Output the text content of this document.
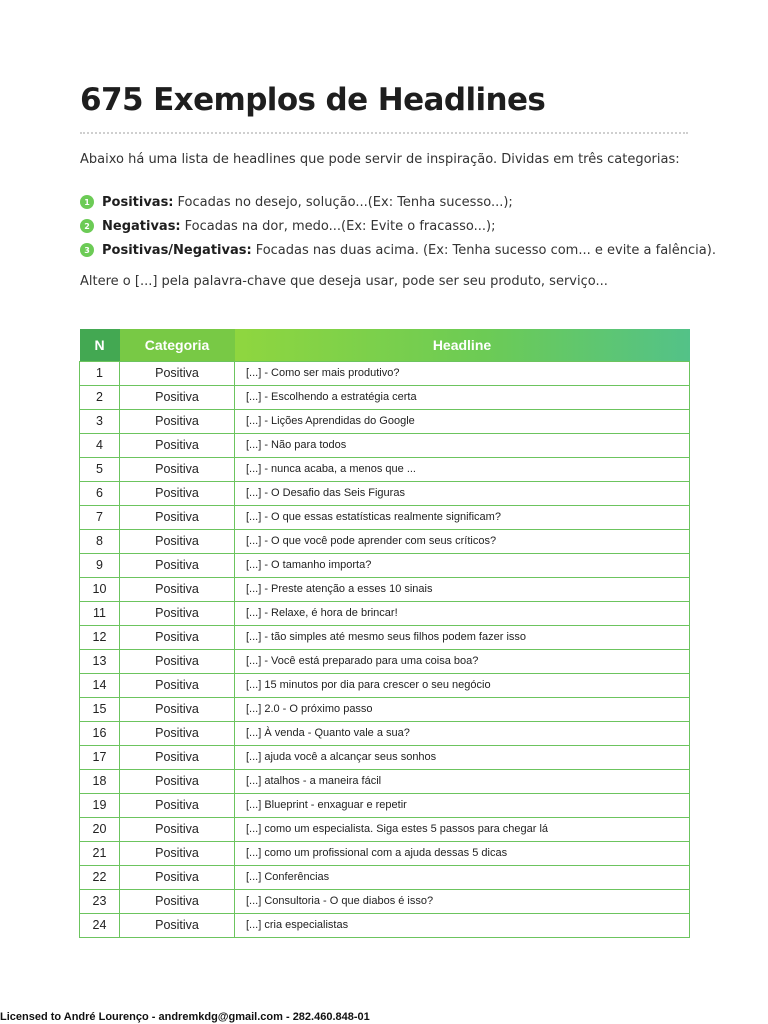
675 Exemplos de Headlines

Abaixo há uma lista de headlines que pode servir de inspiração. Dividas em três categorias:

1 Positivas: Focadas no desejo, solução...(Ex: Tenha sucesso...);
2 Negativas: Focadas na dor, medo...(Ex: Evite o fracasso...);
3 Positivas/Negativas: Focadas nas duas acima. (Ex: Tenha sucesso com... e evite a falência).

Altere o [...] pela palavra-chave que deseja usar, pode ser seu produto, serviço...

N	Categoria	Headline
1	Positiva	[...] - Como ser mais produtivo?
2	Positiva	[...] - Escolhendo a estratégia certa
3	Positiva	[...] - Lições Aprendidas do Google
4	Positiva	[...] - Não para todos
5	Positiva	[...] - nunca acaba, a menos que ...
6	Positiva	[...] - O Desafio das Seis Figuras
7	Positiva	[...] - O que essas estatísticas realmente significam?
8	Positiva	[...] - O que você pode aprender com seus críticos?
9	Positiva	[...] - O tamanho importa?
10	Positiva	[...] - Preste atenção a esses 10 sinais
11	Positiva	[...] - Relaxe, é hora de brincar!
12	Positiva	[...] - tão simples até mesmo seus filhos podem fazer isso
13	Positiva	[...] - Você está preparado para uma coisa boa?
14	Positiva	[...] 15 minutos por dia para crescer o seu negócio
15	Positiva	[...] 2.0 - O próximo passo
16	Positiva	[...] À venda - Quanto vale a sua?
17	Positiva	[...] ajuda você a alcançar seus sonhos
18	Positiva	[...] atalhos - a maneira fácil
19	Positiva	[...] Blueprint - enxaguar e repetir
20	Positiva	[...] como um especialista. Siga estes 5 passos para chegar lá
21	Positiva	[...] como um profissional com a ajuda dessas 5 dicas
22	Positiva	[...] Conferências
23	Positiva	[...] Consultoria - O que diabos é isso?
24	Positiva	[...] cria especialistas

Licensed to André Lourenço - andremkdg@gmail.com - 282.460.848-01
